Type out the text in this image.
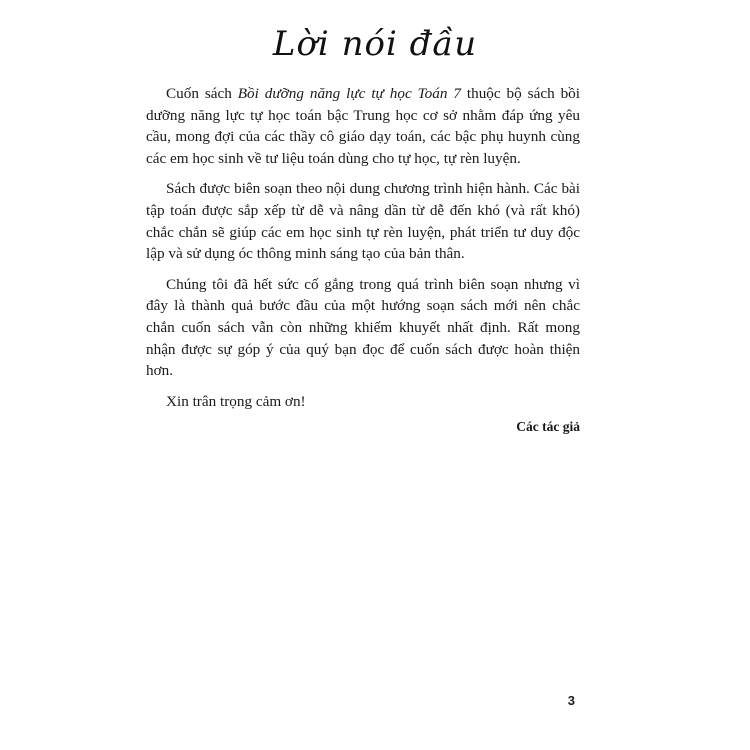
Lời nói đầu

Cuốn sách Bồi dưỡng năng lực tự học Toán 7 thuộc bộ sách bồi dưỡng năng lực tự học toán bậc Trung học cơ sở nhằm đáp ứng yêu cầu, mong đợi của các thầy cô giáo dạy toán, các bậc phụ huynh cùng các em học sinh về tư liệu toán dùng cho tự học, tự rèn luyện.

Sách được biên soạn theo nội dung chương trình hiện hành. Các bài tập toán được sắp xếp từ dễ và nâng dần từ dễ đến khó (và rất khó) chắc chắn sẽ giúp các em học sinh tự rèn luyện, phát triển tư duy độc lập và sử dụng óc thông minh sáng tạo của bản thân.

Chúng tôi đã hết sức cố gắng trong quá trình biên soạn nhưng vì đây là thành quả bước đầu của một hướng soạn sách mới nên chắc chắn cuốn sách vẫn còn những khiếm khuyết nhất định. Rất mong nhận được sự góp ý của quý bạn đọc để cuốn sách được hoàn thiện hơn.

Xin trân trọng cảm ơn!

Các tác giả
3
